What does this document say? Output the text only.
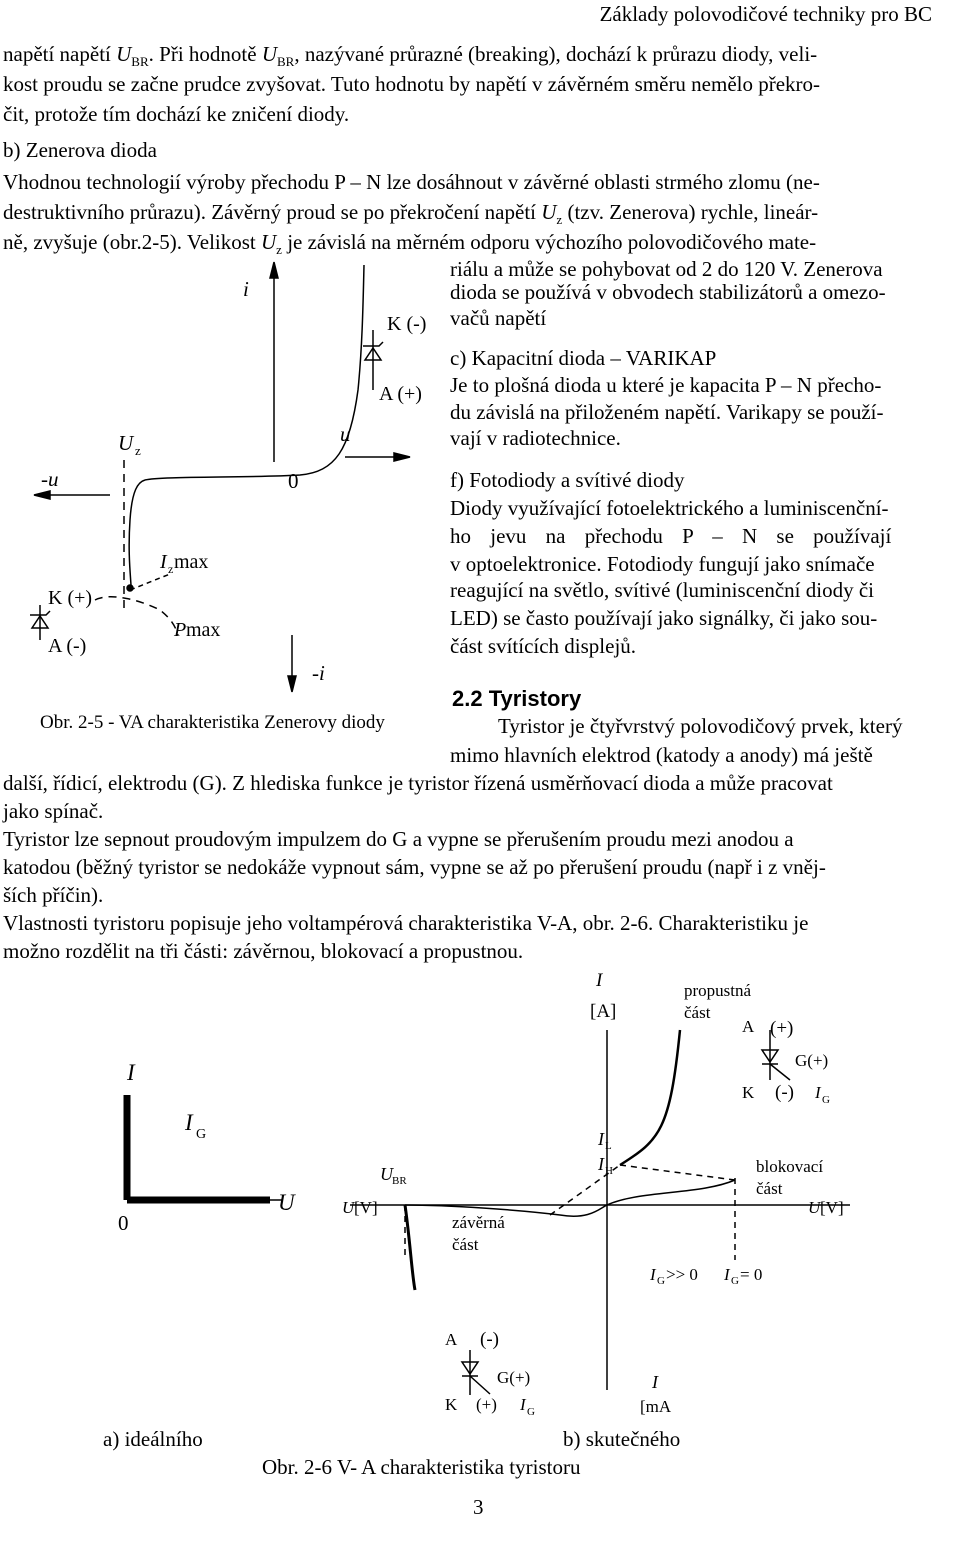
Základy polovodičové techniky pro BC
napětí napětí $U_{BR}$. Při hodnotě $U_{BR}$, nazývané průrazné (breaking), dochází k průrazu diody, veli-
kost proudu se začne prudce zvyšovat. Tuto hodnotu by napětí v závěrném směru nemělo překro-
čit, protože tím dochází ke zničení diody.
b) Zenerova dioda
Vhodnou technologií výroby přechodu P – N lze dosáhnout v závěrné oblasti strmého zlomu (ne-
destruktivního průrazu). Závěrný proud se po překročení napětí $U_z$ (tzv. Zenerova) rychle, lineár-
ně, zvyšuje (obr.2-5). Velikost $U_z$ je závislá na měrném odporu výchozího polovodičového mate-
riálu a může se pohybovat od 2 do 120 V. Zenerova
dioda se používá v obvodech stabilizátorů a omezo-
vačů napětí
c) Kapacitní dioda – VARIKAP
Je to plošná dioda u které je kapacita P – N přecho-
du závislá na přiloženém napětí. Varikapy se použí-
vají v radiotechnice.
f) Fotodiody a svítivé diody
Diody využívající fotoelektrického a luminiscenční-
ho jevu na přechodu P – N se používají
v optoelektronice. Fotodiody fungují jako snímače
reagující na světlo, svítivé (luminiscenční diody či
LED) se často používají jako signálky, či jako sou-
část svítících displejů.
2.2 Tyristory
Tyristor je čtyřvrstvý polovodičový prvek, který
mimo hlavních elektrod (katody a anody) má ještě
další, řídicí, elektrodu (G). Z hlediska funkce je tyristor řízená usměrňovací dioda a může pracovat
jako spínač.
Tyristor lze sepnout proudovým impulzem do G a vypne se přerušením proudu mezi anodou a
katodou (běžný tyristor se nedokáže vypnout sám, vypne se až po přerušení proudu (např i z vněj-
ších příčin).
Vlastnosti tyristoru popisuje jeho voltampérová charakteristika V-A, obr. 2-6. Charakteristiku je
možno rozdělit na tři části: závěrnou, blokovací a propustnou.
i
K (-)
A (+)
u
U z
-u	0
I z max
K (+)
P max
A (-)
-i
Obr. 2-5 - VA charakteristika Zenerovy diody
I
I G
U
0
I
[A]
propustná
část
A (+)
G(+)
K (-) I G
I L
I H
U BR
U [V]
závěrná
část
blokovací
část
U [V]
I G >> 0 I G = 0
A (-)
G(+)
K (+) I G
I
[mA
a) ideálního	b) skutečného
Obr. 2-6 V- A charakteristika tyristoru
3
